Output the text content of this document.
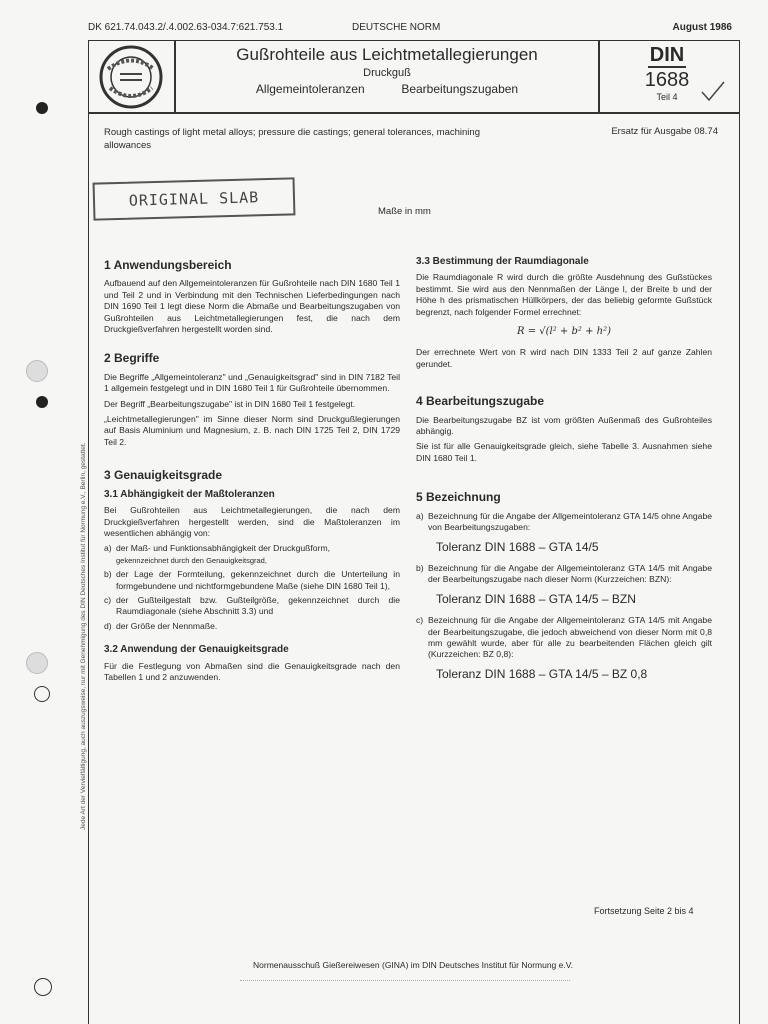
Jede Art der Vervielfältigung, auch auszugsweise, nur mit Genehmigung des DIN Deutsches Institut für Normung e.V., Berlin, gestattet.
DK 621.74.043.2/.4.002.63-034.7:621.753.1	DEUTSCHE NORM	August 1986
Gußrohteile aus Leichtmetallegierungen
Druckguß
Allgemeintoleranzen	Bearbeitungszugaben
DIN
1688
Teil 4
Rough castings of light metal alloys; pressure die castings; general tolerances, machining allowances
Ersatz für Ausgabe 08.74
ORIGINAL SLAB
Maße in mm
1 Anwendungsbereich

Aufbauend auf den Allgemeintoleranzen für Gußrohteile nach DIN 1680 Teil 1 und Teil 2 und in Verbindung mit den Technischen Lieferbedingungen nach DIN 1690 Teil 1 legt diese Norm die Abmaße und Bearbeitungszugaben von Gußrohteilen aus Leichtmetallegierungen fest, die nach dem Druckgießverfahren hergestellt worden sind.

2 Begriffe

Die Begriffe „Allgemeintoleranz" und „Genauigkeitsgrad" sind in DIN 7182 Teil 1 allgemein festgelegt und in DIN 1680 Teil 1 für Gußrohteile übernommen.

Der Begriff „Bearbeitungszugabe" ist in DIN 1680 Teil 1 festgelegt.

„Leichtmetallegierungen" im Sinne dieser Norm sind Druckgußlegierungen auf Basis Aluminium und Magnesium, z. B. nach DIN 1725 Teil 2, DIN 1729 Teil 2.

3 Genauigkeitsgrade
3.1 Abhängigkeit der Maßtoleranzen

Bei Gußrohteilen aus Leichtmetallegierungen, die nach dem Druckgießverfahren hergestellt werden, sind die Maßtoleranzen im wesentlichen abhängig von:

a) der Maß- und Funktionsabhängigkeit der Druckgußform,
gekennzeichnet durch den Genauigkeitsgrad,
b) der Lage der Formteilung, gekennzeichnet durch die Unterteilung in formgebundene und nichtformgebundene Maße (siehe DIN 1680 Teil 1),
c) der Gußteilgestalt bzw. Gußteilgröße, gekennzeichnet durch die Raumdiagonale (siehe Abschnitt 3.3) und
d) der Größe der Nennmaße.
3.2 Anwendung der Genauigkeitsgrade

Für die Festlegung von Abmaßen sind die Genauigkeitsgrade nach den Tabellen 1 und 2 anzuwenden.

3.3 Bestimmung der Raumdiagonale

Die Raumdiagonale R wird durch die größte Ausdehnung des Gußstückes bestimmt. Sie wird aus den Nennmaßen der Länge l, der Breite b und der Höhe h des prismatischen Hüllkörpers, der das beliebig geformte Gußstück begrenzt, nach folgender Formel errechnet:

R = √(l² + b² + h²)

Der errechnete Wert von R wird nach DIN 1333 Teil 2 auf ganze Zahlen gerundet.

4 Bearbeitungszugabe

Die Bearbeitungszugabe BZ ist vom größten Außenmaß des Gußrohteiles abhängig.

Sie ist für alle Genauigkeitsgrade gleich, siehe Tabelle 3. Ausnahmen siehe DIN 1680 Teil 1.

5 Bezeichnung
a) Bezeichnung für die Angabe der Allgemeintoleranz GTA 14/5 ohne Angabe von Bearbeitungszugaben:
Toleranz DIN 1688 – GTA 14/5
b) Bezeichnung für die Angabe der Allgemeintoleranz GTA 14/5 mit Angabe der Bearbeitungszugabe nach dieser Norm (Kurzzeichen: BZN):
Toleranz DIN 1688 – GTA 14/5 – BZN
c) Bezeichnung für die Angabe der Allgemeintoleranz GTA 14/5 mit Angabe der Bearbeitungszugabe, die jedoch abweichend von dieser Norm mit 0,8 mm gewählt wurde, aber für alle zu bearbeitenden Flächen gleich gilt (Kurzzeichen: BZ 0,8):
Toleranz DIN 1688 – GTA 14/5 – BZ 0,8
Fortsetzung Seite 2 bis 4
Normenausschuß Gießereiwesen (GINA) im DIN Deutsches Institut für Normung e.V.
